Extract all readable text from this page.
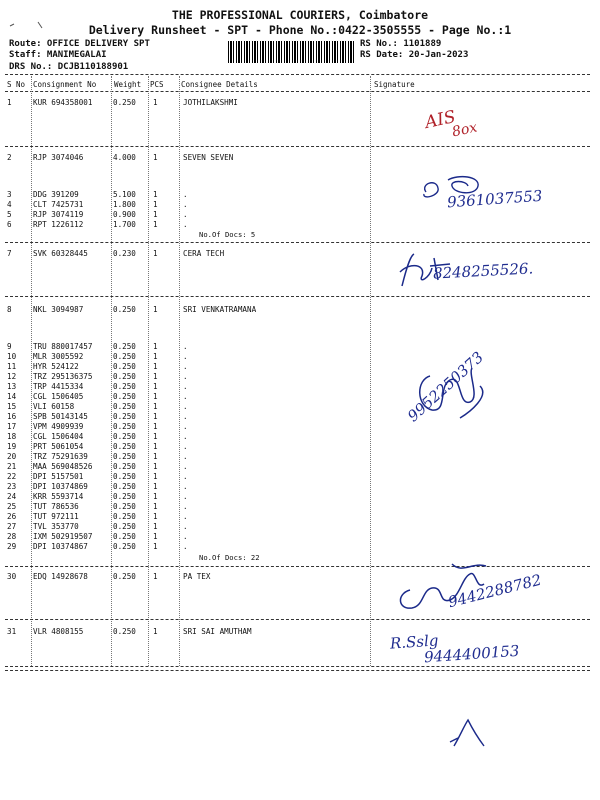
THE PROFESSIONAL COURIERS, Coimbatore
Delivery Runsheet - SPT - Phone No.:0422-3505555 - Page No.:1
Route: OFFICE DELIVERY SPT
Staff: MANIMEGALAI
DRS No.: DCJB110188901
RS No.: 1101889
RS Date: 20-Jan-2023
S No Consignment No Weight PCS Consignee Details	Signature
1	KUR 694358001	0.250 1	JOTHILAKSHMI
2	RJP 3074046	4.000 1	SEVEN SEVEN
3	DDG 391209	5.100 1	.
4	CLT 7425731	1.800 1	.
5	RJP 3074119	0.900 1	.
6	RPT 1226112	1.700 1	.
No.Of Docs: 5
7	SVK 60328445	0.230 1	CERA TECH
8	NKL 3094987	0.250 1	SRI VENKATRAMANA
9	TRU 880017457	0.250 1	.
10 MLR 3005592	0.250 1	.
11 HYR 524122	0.250 1	.
12 TRZ 295136375	0.250 1	.
13 TRP 4415334	0.250 1	.
14 CGL 1506405	0.250 1	.
15 VLI 60158	0.250 1	.
16 SPB 50143145	0.250 1	.
17 VPM 4909939	0.250 1	.
18 CGL 1506404	0.250 1	.
19 PRT 5061054	0.250 1	.
20 TRZ 75291639	0.250 1	.
21 MAA 569048526	0.250 1	.
22 DPI 5157501	0.250 1	.
23 DPI 10374869	0.250 1	.
24 KRR 5593714	0.250 1	.
25 TUT 786536	0.250 1	.
26 TUT 972111	0.250 1	.
27 TVL 353770	0.250 1	.
28 IXM 502919507	0.250 1	.
29 DPI 10374867	0.250 1	.
No.Of Docs: 22
30 EDQ 14928678	0.250 1	PA TEX
31 VLR 4808155	0.250 1	SRI SAI AMUTHAM
AIS
8ox
9361037553
8248255526.
9952250373
9442288782
R.Sslg
9444400153
